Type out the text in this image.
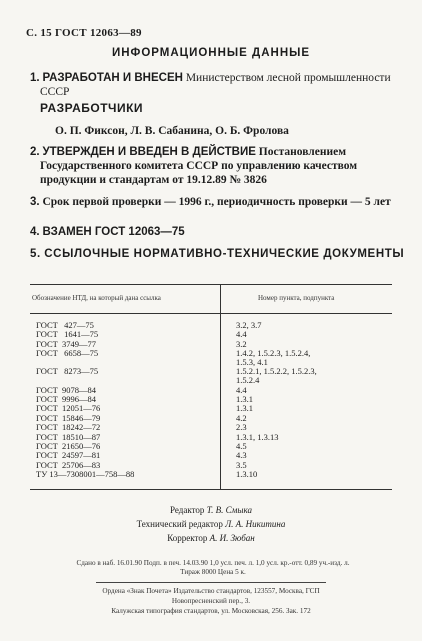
С. 15 ГОСТ 12063—89
ИНФОРМАЦИОННЫЕ ДАННЫЕ
1. РАЗРАБОТАН И ВНЕСЕН Министерством лесной промышленности СССР
РАЗРАБОТЧИКИ
О. П. Фиксон, Л. В. Сабанина, О. Б. Фролова
2. УТВЕРЖДЕН И ВВЕДЕН В ДЕЙСТВИЕ Постановлением Государственного комитета СССР по управлению качеством продукции и стандартам от 19.12.89 № 3826
3. Срок первой проверки — 1996 г., периодичность проверки — 5 лет
4. ВЗАМЕН ГОСТ 12063—75
5. ССЫЛОЧНЫЕ НОРМАТИВНО-ТЕХНИЧЕСКИЕ ДОКУМЕНТЫ
Обозначение НТД, на который дана ссылка	Номер пункта, подпункта
ГОСТ   427—75	3.2, 3.7
ГОСТ   1641—75	4.4
ГОСТ  3749—77	3.2
ГОСТ   6658—75	1.4.2, 1.5.2.3, 1.5.2.4,
1.5.3, 4.1
ГОСТ   8273—75	1.5.2.1, 1.5.2.2, 1.5.2.3,
1.5.2.4
ГОСТ  9078—84	4.4
ГОСТ  9996—84	1.3.1
ГОСТ  12051—76	1.3.1
ГОСТ  15846—79	4.2
ГОСТ  18242—72	2.3
ГОСТ  18510—87	1.3.1, 1.3.13
ГОСТ  21650—76	4.5
ГОСТ  24597—81	4.3
ГОСТ  25706—83	3.5
ТУ 13—7308001—758—88	1.3.10
Редактор Т. В. Смыка
Технический редактор Л. А. Никитина
Корректор А. И. Зюбан
Сдано в наб. 16.01.90 Подп. в печ. 14.03.90 1,0 усл. печ. л. 1,0 усл. кр.-отт. 0,89 уч.-изд. л.
Тираж 8000 Цена 5 к.
Ордена «Знак Почета» Издательство стандартов, 123557, Москва, ГСП
Новопресненский пер., 3.
Калужская типография стандартов, ул. Московская, 256. Зак. 172
